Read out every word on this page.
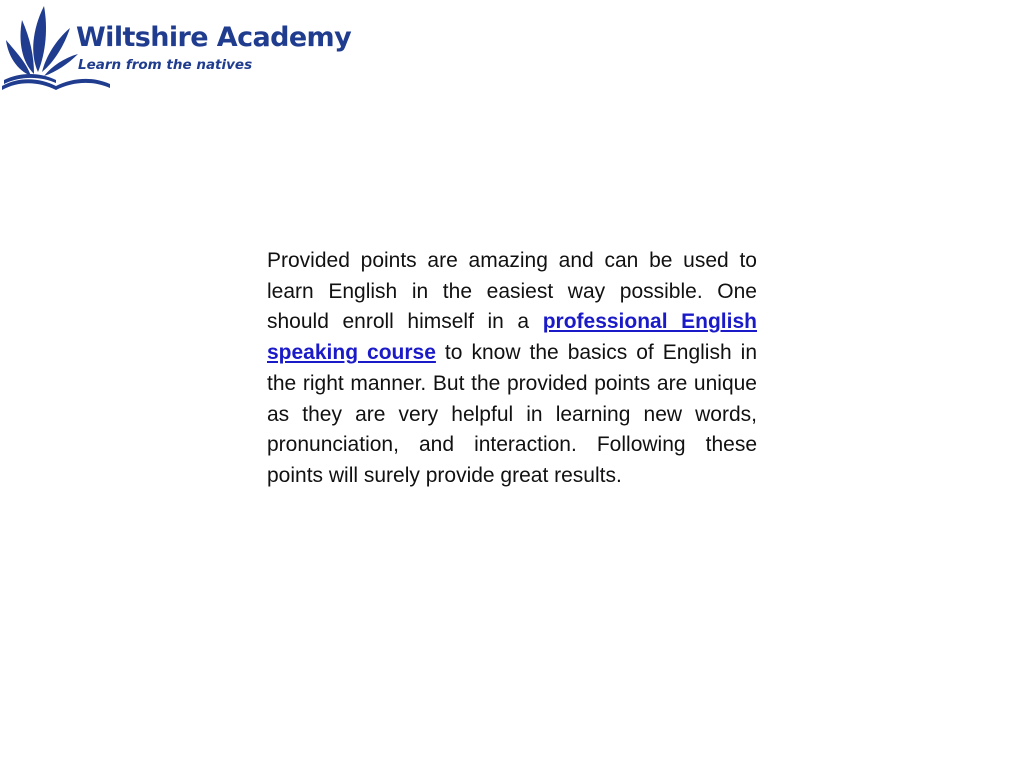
Wiltshire Academy
Learn from the natives
Provided points are amazing and can be used to learn English in the easiest way possible. One should enroll himself in a professional English speaking course to know the basics of English in the right manner. But the provided points are unique as they are very helpful in learning new words, pronunciation, and interaction. Following these points will surely provide great results.
